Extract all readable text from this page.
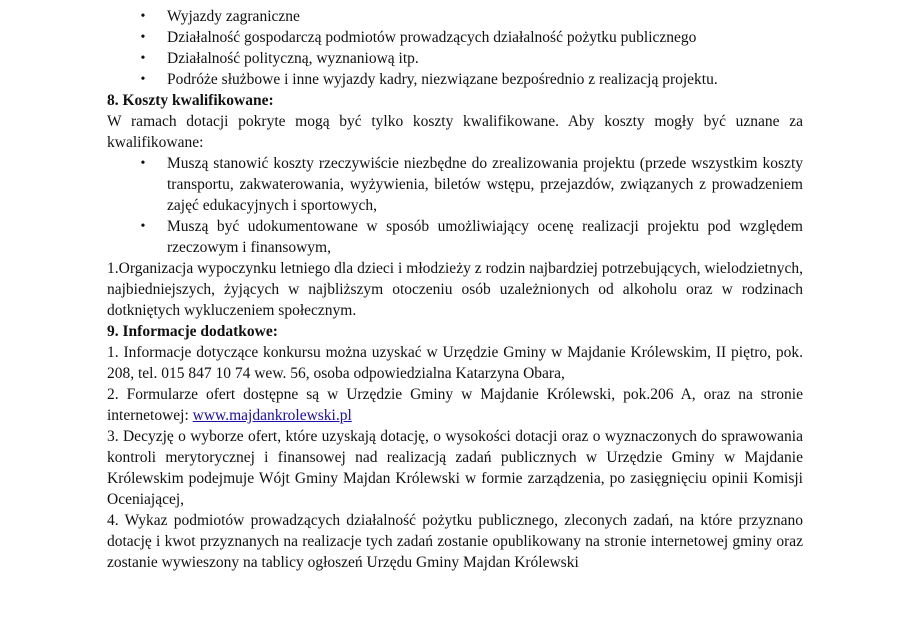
• Wyjazdy zagraniczne
• Działalność gospodarczą podmiotów prowadzących działalność pożytku publicznego
• Działalność polityczną, wyznaniową itp.
• Podróże służbowe i inne wyjazdy kadry, niezwiązane bezpośrednio z realizacją projektu.
8. Koszty kwalifikowane:

W ramach dotacji pokryte mogą być tylko koszty kwalifikowane. Aby koszty mogły być uznane za kwalifikowane:

• Muszą stanowić koszty rzeczywiście niezbędne do zrealizowania projektu (przede wszystkim koszty transportu, zakwaterowania, wyżywienia, biletów wstępu, przejazdów, związanych z prowadzeniem zajęć edukacyjnych i sportowych,
• Muszą być udokumentowane w sposób umożliwiający ocenę realizacji projektu pod względem rzeczowym i finansowym,

1.Organizacja wypoczynku letniego dla dzieci i młodzieży z rodzin najbardziej potrzebujących, wielodzietnych, najbiedniejszych, żyjących w najbliższym otoczeniu osób uzależnionych od alkoholu oraz w rodzinach dotkniętych wykluczeniem społecznym.

9. Informacje dodatkowe:

1. Informacje dotyczące konkursu można uzyskać w Urzędzie Gminy w Majdanie Królewskim, II piętro, pok. 208, tel. 015 847 10 74 wew. 56, osoba odpowiedzialna Katarzyna Obara,

2. Formularze ofert dostępne są w Urzędzie Gminy w Majdanie Królewski, pok.206 A, oraz na stronie internetowej: www.majdankrolewski.pl

3. Decyzję o wyborze ofert, które uzyskają dotację, o wysokości dotacji oraz o wyznaczonych do sprawowania kontroli merytorycznej i finansowej nad realizacją zadań publicznych w Urzędzie Gminy w Majdanie Królewskim podejmuje Wójt Gminy Majdan Królewski w formie zarządzenia, po zasięgnięciu opinii Komisji Oceniającej,

4. Wykaz podmiotów prowadzących działalność pożytku publicznego, zleconych zadań, na które przyznano dotację i kwot przyznanych na realizacje tych zadań zostanie opublikowany na stronie internetowej gminy oraz zostanie wywieszony na tablicy ogłoszeń Urzędu Gminy Majdan Królewski
